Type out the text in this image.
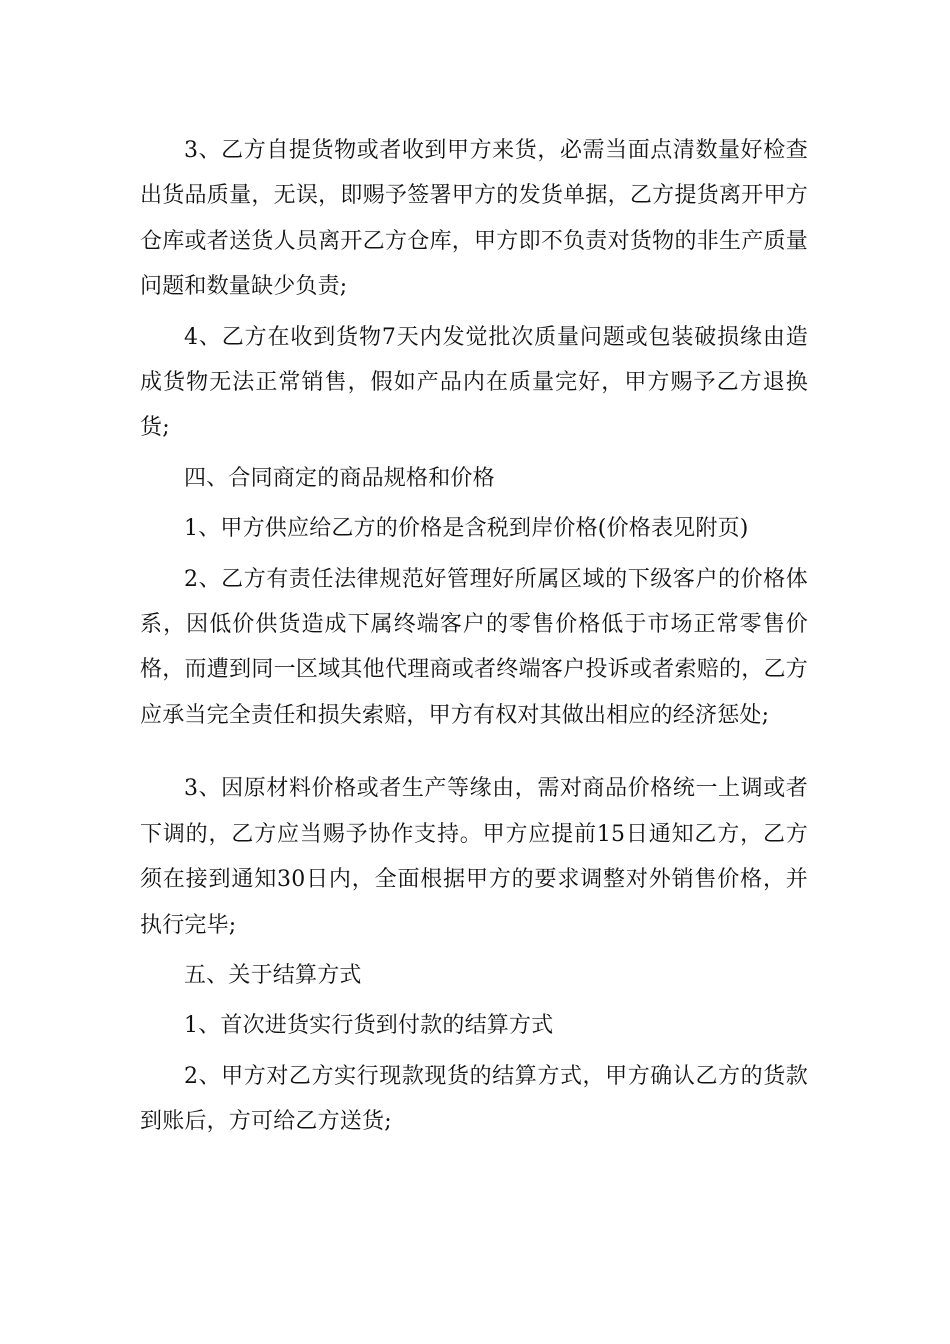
3、乙方自提货物或者收到甲方来货，必需当面点清数量好检查出货品质量，无误，即赐予签署甲方的发货单据，乙方提货离开甲方仓库或者送货人员离开乙方仓库，甲方即不负责对货物的非生产质量问题和数量缺少负责;

4、乙方在收到货物7天内发觉批次质量问题或包装破损缘由造成货物无法正常销售，假如产品内在质量完好，甲方赐予乙方退换货;

四、合同商定的商品规格和价格

1、甲方供应给乙方的价格是含税到岸价格(价格表见附页)

2、乙方有责任法律规范好管理好所属区域的下级客户的价格体系，因低价供货造成下属终端客户的零售价格低于市场正常零售价格，而遭到同一区域其他代理商或者终端客户投诉或者索赔的，乙方应承当完全责任和损失索赔，甲方有权对其做出相应的经济惩处;

3、因原材料价格或者生产等缘由，需对商品价格统一上调或者下调的，乙方应当赐予协作支持。甲方应提前15日通知乙方，乙方须在接到通知30日内，全面根据甲方的要求调整对外销售价格，并执行完毕;

五、关于结算方式

1、首次进货实行货到付款的结算方式

2、甲方对乙方实行现款现货的结算方式，甲方确认乙方的货款到账后，方可给乙方送货;
